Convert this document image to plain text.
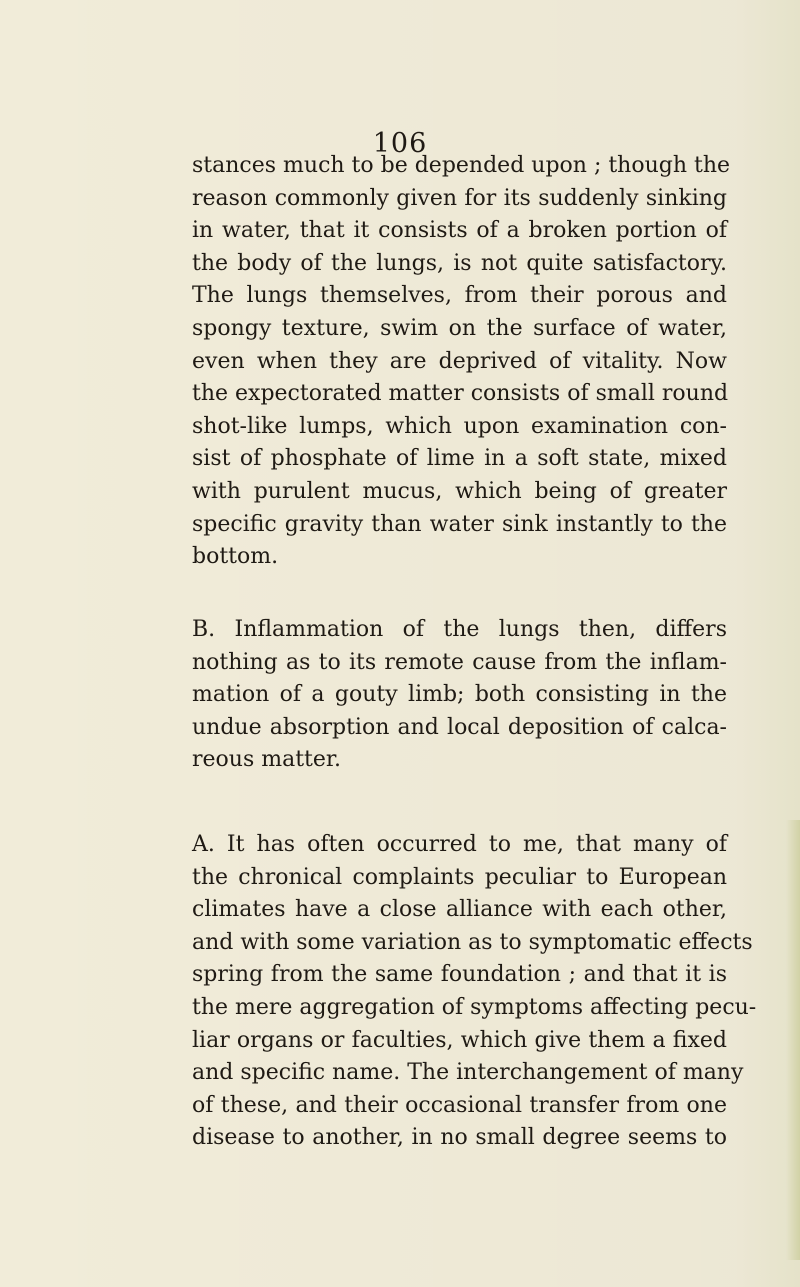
106

stances much to be depended upon ; though the
reason commonly given for its suddenly sinking
in water, that it consists of a broken portion of
the body of the lungs, is not quite satisfactory.
The lungs themselves, from their porous and
spongy texture, swim on the surface of water,
even when they are deprived of vitality. Now
the expectorated matter consists of small round
shot-like lumps, which upon examination con-
sist of phosphate of lime in a soft state, mixed
with purulent mucus, which being of greater
specific gravity than water sink instantly to the
bottom.

B. Inflammation of the lungs then, differs
nothing as to its remote cause from the inflam-
mation of a gouty limb; both consisting in the
undue absorption and local deposition of calca-
reous matter.

A. It has often occurred to me, that many of
the chronical complaints peculiar to European
climates have a close alliance with each other,
and with some variation as to symptomatic effects
spring from the same foundation ; and that it is
the mere aggregation of symptoms affecting pecu-
liar organs or faculties, which give them a fixed
and specific name. The interchangement of many
of these, and their occasional transfer from one
disease to another, in no small degree seems to
